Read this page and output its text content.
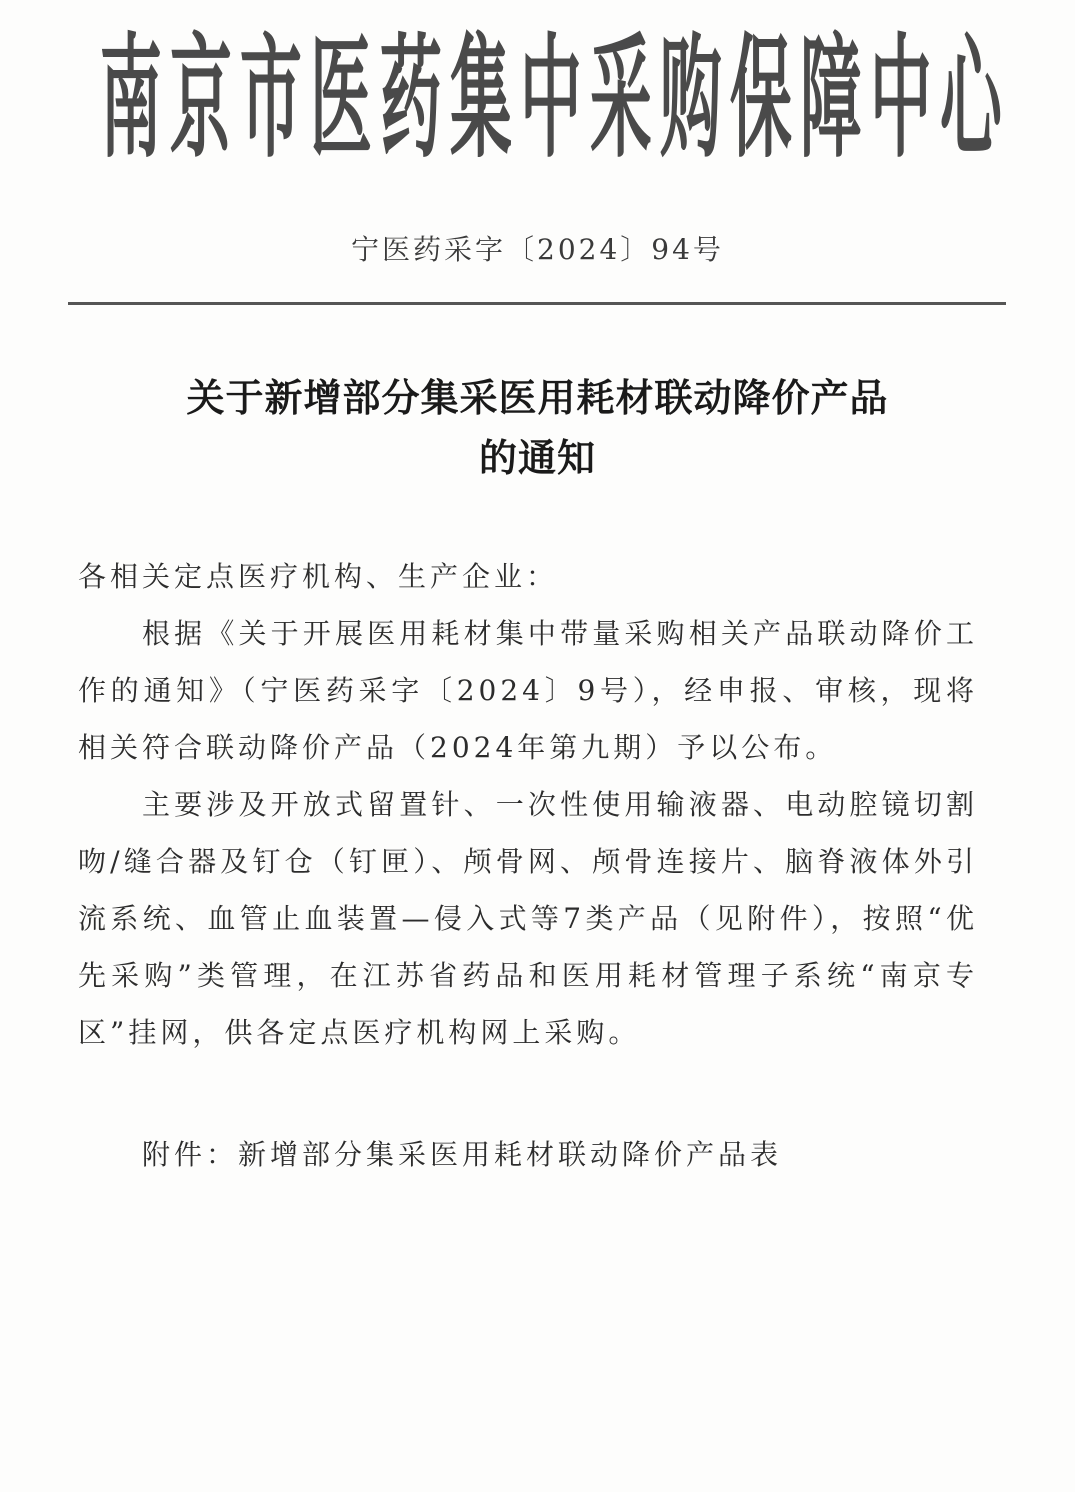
南 京 市 医 药 集 中 采 购 保 障 中 心
宁医药采字〔2024〕94号
关于新增部分集采医用耗材联动降价产品
的通知

各相关定点医疗机构、生产企业：

根据《关于开展医用耗材集中带量采购相关产品联动降价工作的通知》（宁医药采字〔2024〕9号），经申报、审核，现将相关符合联动降价产品（2024年第九期）予以公布。

主要涉及开放式留置针、一次性使用输液器、电动腔镜切割吻/缝合器及钉仓（钉匣）、颅骨网、颅骨连接片、脑脊液体外引流系统、血管止血装置—侵入式等7类产品（见附件），按照“优先采购”类管理，在江苏省药品和医用耗材管理子系统“南京专区”挂网，供各定点医疗机构网上采购。

附件：新增部分集采医用耗材联动降价产品表
